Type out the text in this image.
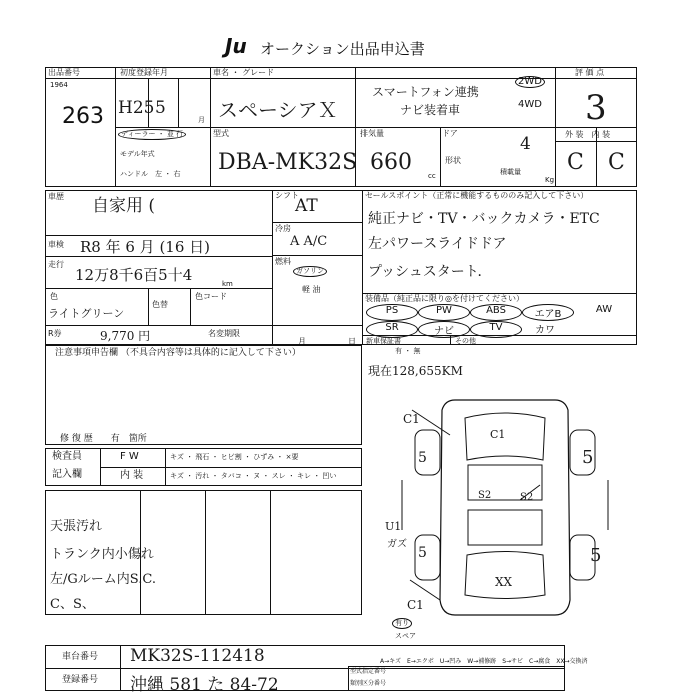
Ju オークション出品申込書
出品番号
1964
263
初度登録年月
H25 5
月
車名 ・ グレード
スペーシアＸ
スマートフォン連携
ナビ装着車
2WD
4WD
評 価 点
3
ディーラー ・ 並 行
モデル年式
ハンドル　左 ・ 右
型式
DBA-MK32S
排気量
660
cc
ドア
形状
4
積載量
Kg
外 装　内 装
C C
車歴 自家用 (
車検 R8 年 6 月 (16 日)
走行
12万8千6百5十4	km
色
ライトグリーン
色替
色コード
R券	9,770 円	名変期限
月	日
シフト
AT
冷房
A A/C
燃料
ガソリン
軽 油
セールスポイント（正常に機能するもののみ記入して下さい）
純正ナビ・TV・バックカメラ・ETC
左パワースライドドア
プッシュスタート．
装備品（純正品に限り◎を付けてください）
PS	PW	ABS	エアB	AW
SR	ナビ	TV	カワ
新車保証書
有 ・ 無
その他
現在128,655KM
注意事項申告欄 （不具合内容等は具体的に記入して下さい）
修 復 歴　　有　箇所
検査員
記入欄
F W
内 装
キズ ・ 飛石 ・ ヒビ割 ・ ひずみ ・ ×要
キズ ・ 汚れ ・ タバコ ・ ヌ ・ スレ ・ キレ ・ 凹い
天張汚れ
トランク内小傷れ
左/Gルーム内S.C.
C、S、
C1
C1
5	5
5	5
S2	S2
U1
ガズ
XX
C1
有り
スペア
車台番号 MK32S-112418
登録番号 沖縄 581 た 84-72
A→キズ　E→エクボ　U→凹み　W→補修跡　S→サビ　C→腐食　XX→交換済
型式指定番号
類別区分番号
